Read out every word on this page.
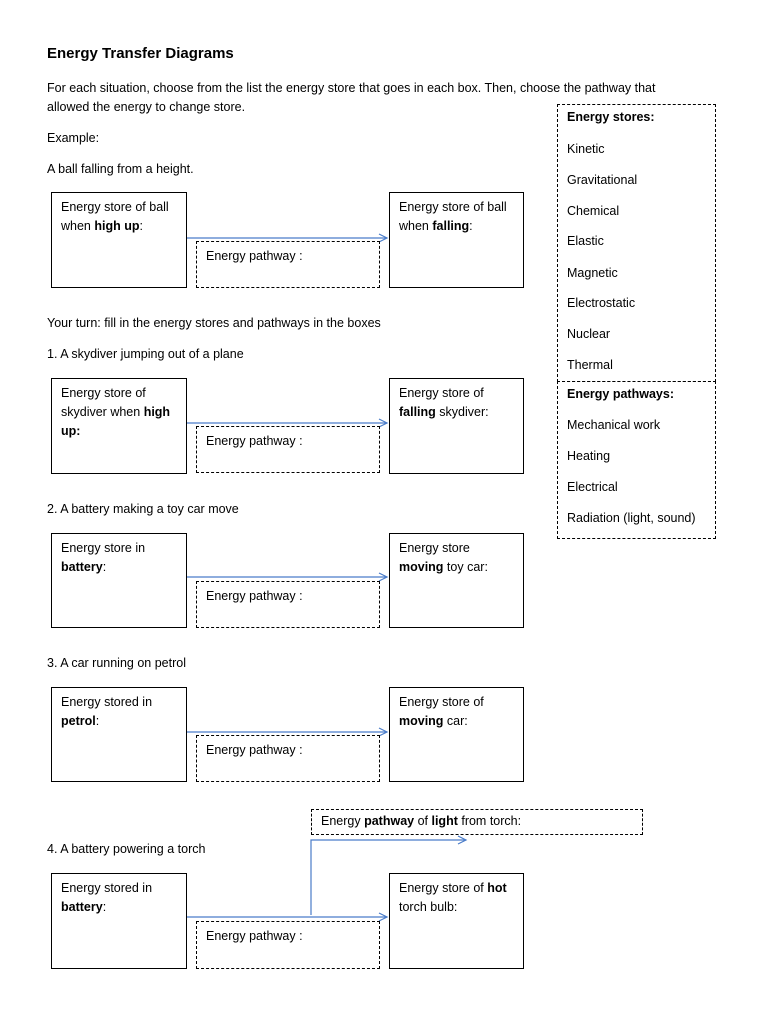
Energy Transfer Diagrams
For each situation, choose from the list the energy store that goes in each box. Then, choose the pathway that
allowed the energy to change store.
Example:
A ball falling from a height.
Energy store of ball
when high up:
Energy pathway :
Energy store of ball
when falling:
Your turn: fill in the energy stores and pathways in the boxes
1. A skydiver jumping out of a plane
Energy store of
skydiver when high
up:
Energy pathway :
Energy store of
falling skydiver:
2. A battery making a toy car move
Energy store in
battery:
Energy pathway :
Energy store
moving toy car:
3. A car running on petrol
Energy stored in
petrol:
Energy pathway :
Energy store of
moving car:
Energy pathway of light from torch:
4. A battery powering a torch
Energy stored in
battery:
Energy pathway :
Energy store of hot
torch bulb:
Energy stores:
Kinetic
Gravitational
Chemical
Elastic
Magnetic
Electrostatic
Nuclear
Thermal
Energy pathways:
Mechanical work
Heating
Electrical
Radiation (light, sound)
